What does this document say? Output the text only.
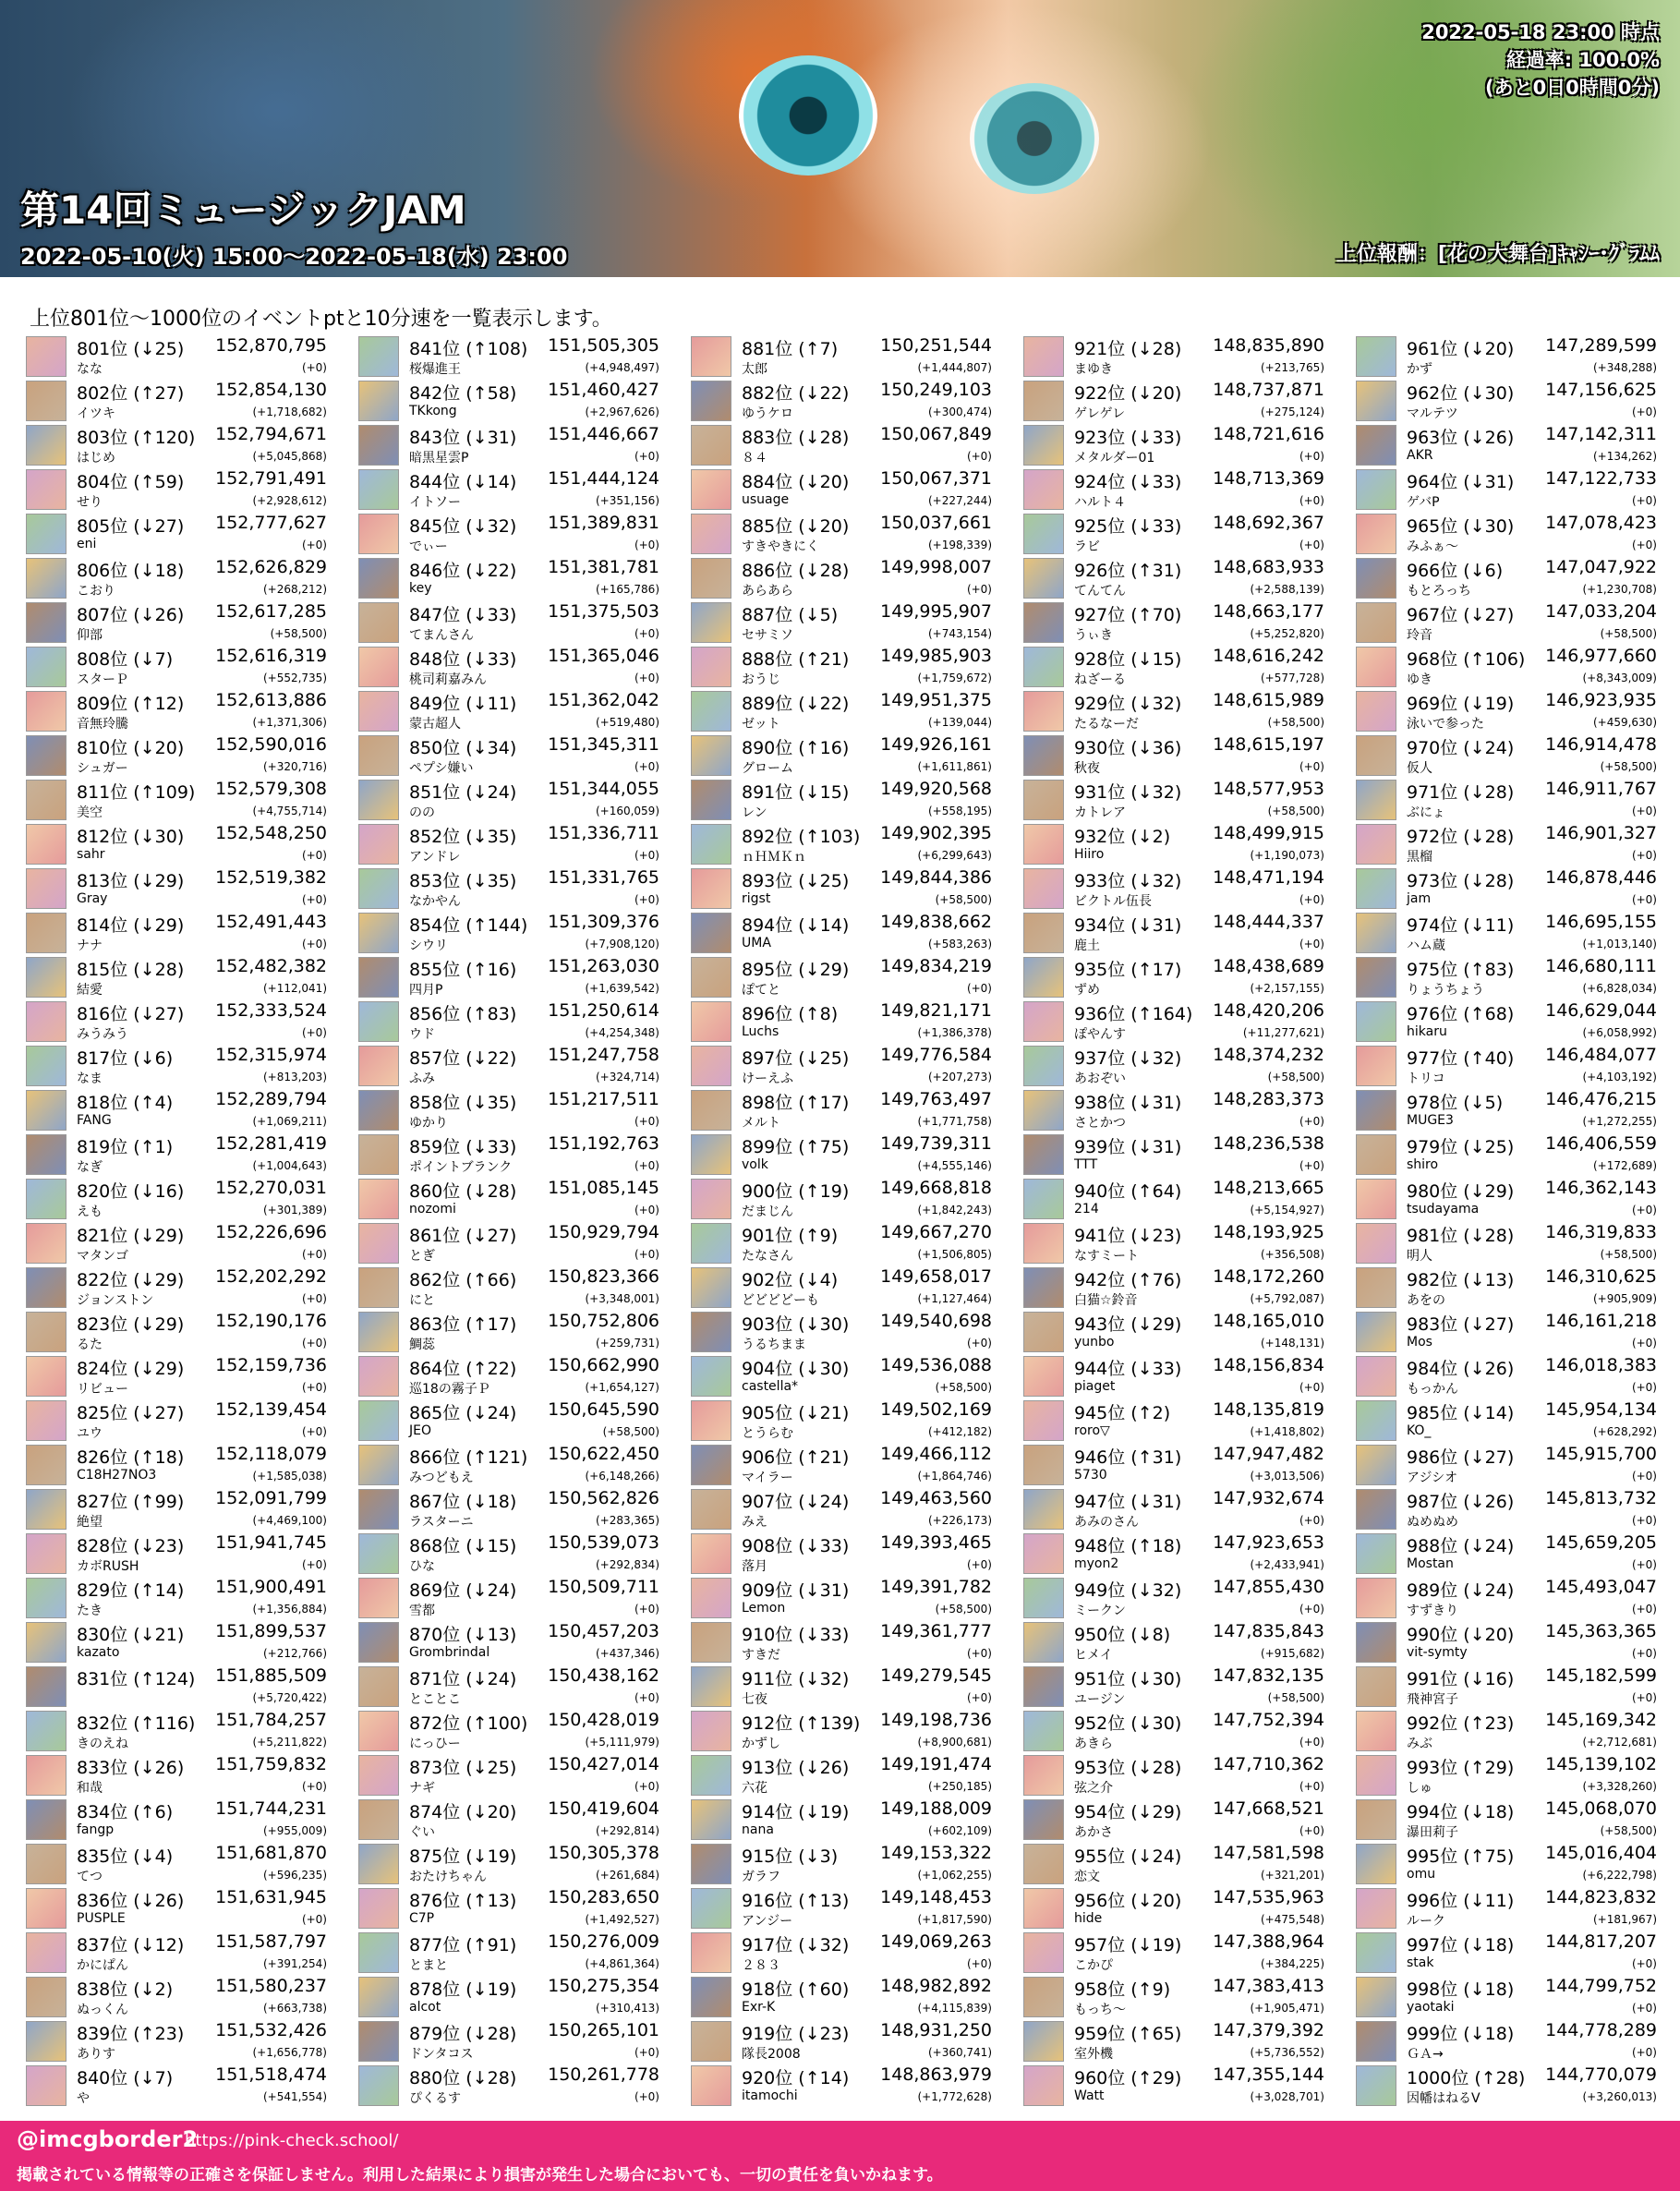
第14回ミュージックJAM
2022-05-10(火) 15:00～2022-05-18(水) 23:00	上位報酬：[花の大舞台]ｷｬｼｰ･ｸﾞﾗﾑﾑ
2022-05-18 23:00 時点
経過率: 100.0%
(あと0日0時間0分)
上位801位～1000位のイベントptと10分速を一覧表示します。
801位 (↓25) 152,870,795
なな	(+0)
802位 (↑27) 152,854,130
イツキ	(+1,718,682)
803位 (↑120) 152,794,671
はじめ	(+5,045,868)
804位 (↑59) 152,791,491
せり	(+2,928,612)
805位 (↓27) 152,777,627
eni	(+0)
806位 (↓18) 152,626,829
こおり	(+268,212)
807位 (↓26) 152,617,285
仰部	(+58,500)
808位 (↓7) 152,616,319
スターＰ	(+552,735)
809位 (↑12) 152,613,886
音無玲騰	(+1,371,306)
810位 (↓20) 152,590,016
シュガー	(+320,716)
811位 (↑109) 152,579,308
美空	(+4,755,714)
812位 (↓30) 152,548,250
sahr	(+0)
813位 (↓29) 152,519,382
Gray	(+0)
814位 (↓29) 152,491,443
ナナ	(+0)
815位 (↓28) 152,482,382
結愛	(+112,041)
816位 (↓27) 152,333,524
みうみう	(+0)
817位 (↓6) 152,315,974
なま	(+813,203)
818位 (↑4) 152,289,794
FANG	(+1,069,211)
819位 (↑1) 152,281,419
なぎ	(+1,004,643)
820位 (↓16) 152,270,031
えも	(+301,389)
821位 (↓29) 152,226,696
マタンゴ	(+0)
822位 (↓29) 152,202,292
ジョンストン	(+0)
823位 (↓29) 152,190,176
るた	(+0)
824位 (↓29) 152,159,736
リビュー	(+0)
825位 (↓27) 152,139,454
ユウ	(+0)
826位 (↑18) 152,118,079
C18H27NO3	(+1,585,038)
827位 (↑99) 152,091,799
絶望	(+4,469,100)
828位 (↓23) 151,941,745
カボRUSH	(+0)
829位 (↑14) 151,900,491
たき	(+1,356,884)
830位 (↓21) 151,899,537
kazato	(+212,766)
831位 (↑124) 151,885,509
(+5,720,422)
832位 (↑116) 151,784,257
きのえね	(+5,211,822)
833位 (↓26) 151,759,832
和哉	(+0)
834位 (↑6) 151,744,231
fangp	(+955,009)
835位 (↓4) 151,681,870
てつ	(+596,235)
836位 (↓26) 151,631,945
PUSPLE	(+0)
837位 (↓12) 151,587,797
かにぱん	(+391,254)
838位 (↓2) 151,580,237
ぬっくん	(+663,738)
839位 (↑23) 151,532,426
ありす	(+1,656,778)
840位 (↓7) 151,518,474
や	(+541,554)
841位 (↑108) 151,505,305
桜爆進王	(+4,948,497)
842位 (↑58) 151,460,427
TKkong	(+2,967,626)
843位 (↓31) 151,446,667
暗黒星雲P	(+0)
844位 (↓14) 151,444,124
イトソー	(+351,156)
845位 (↓32) 151,389,831
でぃー	(+0)
846位 (↓22) 151,381,781
key	(+165,786)
847位 (↓33) 151,375,503
てまんさん	(+0)
848位 (↓33) 151,365,046
桃司莉嘉みん	(+0)
849位 (↓11) 151,362,042
蒙古超人	(+519,480)
850位 (↓34) 151,345,311
ペプシ嫌い	(+0)
851位 (↓24) 151,344,055
のの	(+160,059)
852位 (↓35) 151,336,711
アンドレ	(+0)
853位 (↓35) 151,331,765
なかやん	(+0)
854位 (↑144) 151,309,376
シウリ	(+7,908,120)
855位 (↑16) 151,263,030
四月P	(+1,639,542)
856位 (↑83) 151,250,614
ウド	(+4,254,348)
857位 (↓22) 151,247,758
ふみ	(+324,714)
858位 (↓35) 151,217,511
ゆかり	(+0)
859位 (↓33) 151,192,763
ポイントブランク	(+0)
860位 (↓28) 151,085,145
nozomi	(+0)
861位 (↓27) 150,929,794
とぎ	(+0)
862位 (↑66) 150,823,366
にと	(+3,348,001)
863位 (↑17) 150,752,806
鯛蕊	(+259,731)
864位 (↑22) 150,662,990
巡18の霧子Ｐ	(+1,654,127)
865位 (↓24) 150,645,590
JEO	(+58,500)
866位 (↑121) 150,622,450
みつどもえ	(+6,148,266)
867位 (↓18) 150,562,826
ラスターニ	(+283,365)
868位 (↓15) 150,539,073
ひな	(+292,834)
869位 (↓24) 150,509,711
雪都	(+0)
870位 (↓13) 150,457,203
Grombrindal	(+437,346)
871位 (↓24) 150,438,162
とことこ	(+0)
872位 (↑100) 150,428,019
にっひー	(+5,111,979)
873位 (↓25) 150,427,014
ナギ	(+0)
874位 (↓20) 150,419,604
ぐい	(+292,814)
875位 (↓19) 150,305,378
おたけちゃん	(+261,684)
876位 (↑13) 150,283,650
C7P	(+1,492,527)
877位 (↑91) 150,276,009
とまと	(+4,861,364)
878位 (↓19) 150,275,354
alcot	(+310,413)
879位 (↓28) 150,265,101
ドンタコス	(+0)
880位 (↓28) 150,261,778
ぴくるす	(+0)
881位 (↑7) 150,251,544
太郎	(+1,444,807)
882位 (↓22) 150,249,103
ゆうケロ	(+300,474)
883位 (↓28) 150,067,849
８４	(+0)
884位 (↓20) 150,067,371
usuage	(+227,244)
885位 (↓20) 150,037,661
すきやきにく	(+198,339)
886位 (↓28) 149,998,007
あらあら	(+0)
887位 (↓5) 149,995,907
セサミソ	(+743,154)
888位 (↑21) 149,985,903
おうじ	(+1,759,672)
889位 (↓22) 149,951,375
ゼット	(+139,044)
890位 (↑16) 149,926,161
グローム	(+1,611,861)
891位 (↓15) 149,920,568
レン	(+558,195)
892位 (↑103) 149,902,395
ｎＨＭＫｎ	(+6,299,643)
893位 (↓25) 149,844,386
rigst	(+58,500)
894位 (↓14) 149,838,662
UMA	(+583,263)
895位 (↓29) 149,834,219
ぽてと	(+0)
896位 (↑8) 149,821,171
Luchs	(+1,386,378)
897位 (↓25) 149,776,584
けーえふ	(+207,273)
898位 (↑17) 149,763,497
メルト	(+1,771,758)
899位 (↑75) 149,739,311
volk	(+4,555,146)
900位 (↑19) 149,668,818
だまじん	(+1,842,243)
901位 (↑9) 149,667,270
たなさん	(+1,506,805)
902位 (↓4) 149,658,017
どどどどーも	(+1,127,464)
903位 (↓30) 149,540,698
うるちまま	(+0)
904位 (↓30) 149,536,088
castella*	(+58,500)
905位 (↓21) 149,502,169
とうらむ	(+412,182)
906位 (↑21) 149,466,112
マイラー	(+1,864,746)
907位 (↓24) 149,463,560
みえ	(+226,173)
908位 (↓33) 149,393,465
落月	(+0)
909位 (↓31) 149,391,782
Lemon	(+58,500)
910位 (↓33) 149,361,777
すきだ	(+0)
911位 (↓32) 149,279,545
七夜	(+0)
912位 (↑139) 149,198,736
かずし	(+8,900,681)
913位 (↓26) 149,191,474
六花	(+250,185)
914位 (↓19) 149,188,009
nana	(+602,109)
915位 (↓3) 149,153,322
ガラフ	(+1,062,255)
916位 (↑13) 149,148,453
アンジー	(+1,817,590)
917位 (↓32) 149,069,263
２８３	(+0)
918位 (↑60) 148,982,892
Exr-K	(+4,115,839)
919位 (↓23) 148,931,250
隊長2008	(+360,741)
920位 (↑14) 148,863,979
itamochi	(+1,772,628)
921位 (↓28) 148,835,890
まゆき	(+213,765)
922位 (↓20) 148,737,871
ゲレゲレ	(+275,124)
923位 (↓33) 148,721,616
メタルダー01	(+0)
924位 (↓33) 148,713,369
ハルト４	(+0)
925位 (↓33) 148,692,367
ラビ	(+0)
926位 (↑31) 148,683,933
てんてん	(+2,588,139)
927位 (↑70) 148,663,177
うぃき	(+5,252,820)
928位 (↓15) 148,616,242
ねざーる	(+577,728)
929位 (↓32) 148,615,989
たるなーだ	(+58,500)
930位 (↓36) 148,615,197
秋夜	(+0)
931位 (↓32) 148,577,953
カトレア	(+58,500)
932位 (↓2) 148,499,915
Hiiro	(+1,190,073)
933位 (↓32) 148,471,194
ビクトル伍長	(+0)
934位 (↓31) 148,444,337
鹿土	(+0)
935位 (↑17) 148,438,689
ずめ	(+2,157,155)
936位 (↑164) 148,420,206
ぽやんす	(+11,277,621)
937位 (↓32) 148,374,232
あおぞい	(+58,500)
938位 (↓31) 148,283,373
さとかつ	(+0)
939位 (↓31) 148,236,538
TTT	(+0)
940位 (↑64) 148,213,665
214	(+5,154,927)
941位 (↓23) 148,193,925
なすミート	(+356,508)
942位 (↑76) 148,172,260
白猫☆鈴音	(+5,792,087)
943位 (↓29) 148,165,010
yunbo	(+148,131)
944位 (↓33) 148,156,834
piaget	(+0)
945位 (↑2) 148,135,819
roro▽	(+1,418,802)
946位 (↑31) 147,947,482
5730	(+3,013,506)
947位 (↓31) 147,932,674
あみのさん	(+0)
948位 (↑18) 147,923,653
myon2	(+2,433,941)
949位 (↓32) 147,855,430
ミークン	(+0)
950位 (↓8) 147,835,843
ヒメイ	(+915,682)
951位 (↓30) 147,832,135
ユージン	(+58,500)
952位 (↓30) 147,752,394
あきら	(+0)
953位 (↓28) 147,710,362
弦之介	(+0)
954位 (↓29) 147,668,521
あかさ	(+0)
955位 (↓24) 147,581,598
恋文	(+321,201)
956位 (↓20) 147,535,963
hide	(+475,548)
957位 (↓19) 147,388,964
こかぴ	(+384,225)
958位 (↑9) 147,383,413
もっち～	(+1,905,471)
959位 (↑65) 147,379,392
室外機	(+5,736,552)
960位 (↑29) 147,355,144
Watt	(+3,028,701)
961位 (↓20) 147,289,599
かず	(+348,288)
962位 (↓30) 147,156,625
マルテツ	(+0)
963位 (↓26) 147,142,311
AKR	(+134,262)
964位 (↓31) 147,122,733
ゲバP	(+0)
965位 (↓30) 147,078,423
みふぁ～	(+0)
966位 (↓6) 147,047,922
もとろっち	(+1,230,708)
967位 (↓27) 147,033,204
玲音	(+58,500)
968位 (↑106) 146,977,660
ゆき	(+8,343,009)
969位 (↓19) 146,923,935
泳いで参った	(+459,630)
970位 (↓24) 146,914,478
仮人	(+58,500)
971位 (↓28) 146,911,767
ぶにょ	(+0)
972位 (↓28) 146,901,327
黒榴	(+0)
973位 (↓28) 146,878,446
jam	(+0)
974位 (↓11) 146,695,155
ハム蔵	(+1,013,140)
975位 (↑83) 146,680,111
りょうちょう	(+6,828,034)
976位 (↑68) 146,629,044
hikaru	(+6,058,992)
977位 (↑40) 146,484,077
トリコ	(+4,103,192)
978位 (↓5) 146,476,215
MUGE3	(+1,272,255)
979位 (↓25) 146,406,559
shiro	(+172,689)
980位 (↓29) 146,362,143
tsudayama	(+0)
981位 (↓28) 146,319,833
明人	(+58,500)
982位 (↓13) 146,310,625
あをの	(+905,909)
983位 (↓27) 146,161,218
Mos	(+0)
984位 (↓26) 146,018,383
もっかん	(+0)
985位 (↓14) 145,954,134
KO_	(+628,292)
986位 (↓27) 145,915,700
アジシオ	(+0)
987位 (↓26) 145,813,732
ぬめぬめ	(+0)
988位 (↓24) 145,659,205
Mostan	(+0)
989位 (↓24) 145,493,047
すずきり	(+0)
990位 (↓20) 145,363,365
vit-symty	(+0)
991位 (↓16) 145,182,599
飛神宮子	(+0)
992位 (↑23) 145,169,342
みぶ	(+2,712,681)
993位 (↑29) 145,139,102
しゅ	(+3,328,260)
994位 (↓18) 145,068,070
瀑田莉子	(+58,500)
995位 (↑75) 145,016,404
omu	(+6,222,798)
996位 (↓11) 144,823,832
ルーク	(+181,967)
997位 (↓18) 144,817,207
stak	(+0)
998位 (↓18) 144,799,752
yaotaki	(+0)
999位 (↓18) 144,778,289
ＧＡ→	(+0)
1000位 (↑28) 144,770,079
因幡はねるV	(+3,260,013)
@imcgborder2
https://pink-check.school/
掲載されている情報等の正確さを保証しません。利用した結果により損害が発生した場合においても、一切の責任を負いかねます。
